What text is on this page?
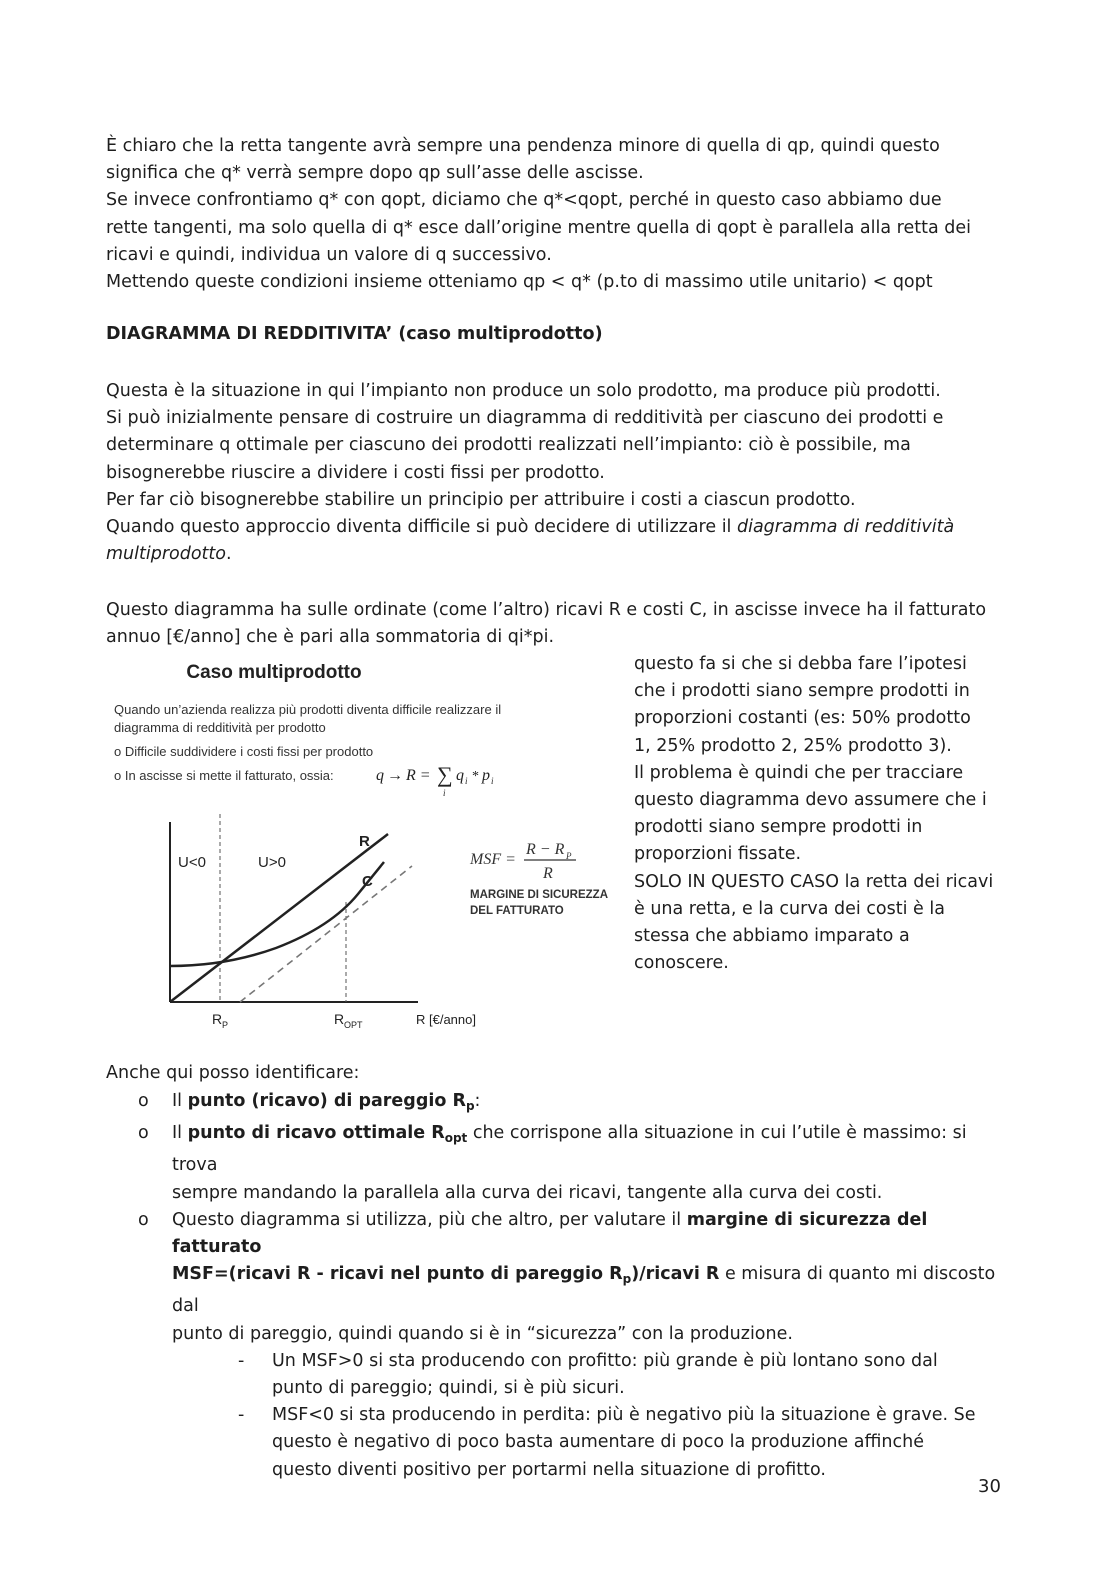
È chiaro che la retta tangente avrà sempre una pendenza minore di quella di qp, quindi questo
significa che q* verrà sempre dopo qp sull’asse delle ascisse.
Se invece confrontiamo q* con qopt, diciamo che q*<qopt, perché in questo caso abbiamo due
rette tangenti, ma solo quella di q* esce dall’origine mentre quella di qopt è parallela alla retta dei
ricavi e quindi, individua un valore di q successivo.
Mettendo queste condizioni insieme otteniamo qp < q* (p.to di massimo utile unitario) < qopt
DIAGRAMMA DI REDDITIVITA’ (caso multiprodotto)
Questa è la situazione in qui l’impianto non produce un solo prodotto, ma produce più prodotti.
Si può inizialmente pensare di costruire un diagramma di redditività per ciascuno dei prodotti e
determinare q ottimale per ciascuno dei prodotti realizzati nell’impianto: ciò è possibile, ma
bisognerebbe riuscire a dividere i costi fissi per prodotto.
Per far ciò bisognerebbe stabilire un principio per attribuire i costi a ciascun prodotto.
Quando questo approccio diventa difficile si può decidere di utilizzare il diagramma di redditività
multiprodotto.
Questo diagramma ha sulle ordinate (come l’altro) ricavi R e costi C, in ascisse invece ha il fatturato
annuo [€/anno] che è pari alla sommatoria di qi*pi.
Caso multiprodotto
Quando un’azienda realizza più prodotti diventa difficile realizzare il
diagramma di redditività per prodotto
o Difficile suddividere i costi fissi per prodotto
o In ascisse si mette il fatturato, ossia:	q → R = ∑
i
q i * p i
U<0	U>0
R
C
MSF =
R − R P
R
MARGINE DI SICUREZZA
DEL FATTURATO
R P	R OPT	R [€/anno]
questo fa si che si debba fare l’ipotesi
che i prodotti siano sempre prodotti in
proporzioni costanti (es: 50% prodotto
1, 25% prodotto 2, 25% prodotto 3).
Il problema è quindi che per tracciare
questo diagramma devo assumere che i
prodotti siano sempre prodotti in
proporzioni fissate.
SOLO IN QUESTO CASO la retta dei ricavi
è una retta, e la curva dei costi è la
stessa che abbiamo imparato a
conoscere.
Anche qui posso identificare:
o Il punto (ricavo) di pareggio $R_p$:
o Il punto di ricavo ottimale $R_{opt}$ che corrispone alla situazione in cui l’utile è massimo: si trova
sempre mandando la parallela alla curva dei ricavi, tangente alla curva dei costi.
o Questo diagramma si utilizza, più che altro, per valutare il margine di sicurezza del fatturato
MSF=(ricavi R - ricavi nel punto di pareggio $R_p$)/ricavi R e misura di quanto mi discosto dal
punto di pareggio, quindi quando si è in “sicurezza” con la produzione.
- Un MSF>0 si sta producendo con profitto: più grande è più lontano sono dal
punto di pareggio; quindi, si è più sicuri.
- MSF<0 si sta producendo in perdita: più è negativo più la situazione è grave. Se
questo è negativo di poco basta aumentare di poco la produzione affinché
questo diventi positivo per portarmi nella situazione di profitto.
30
